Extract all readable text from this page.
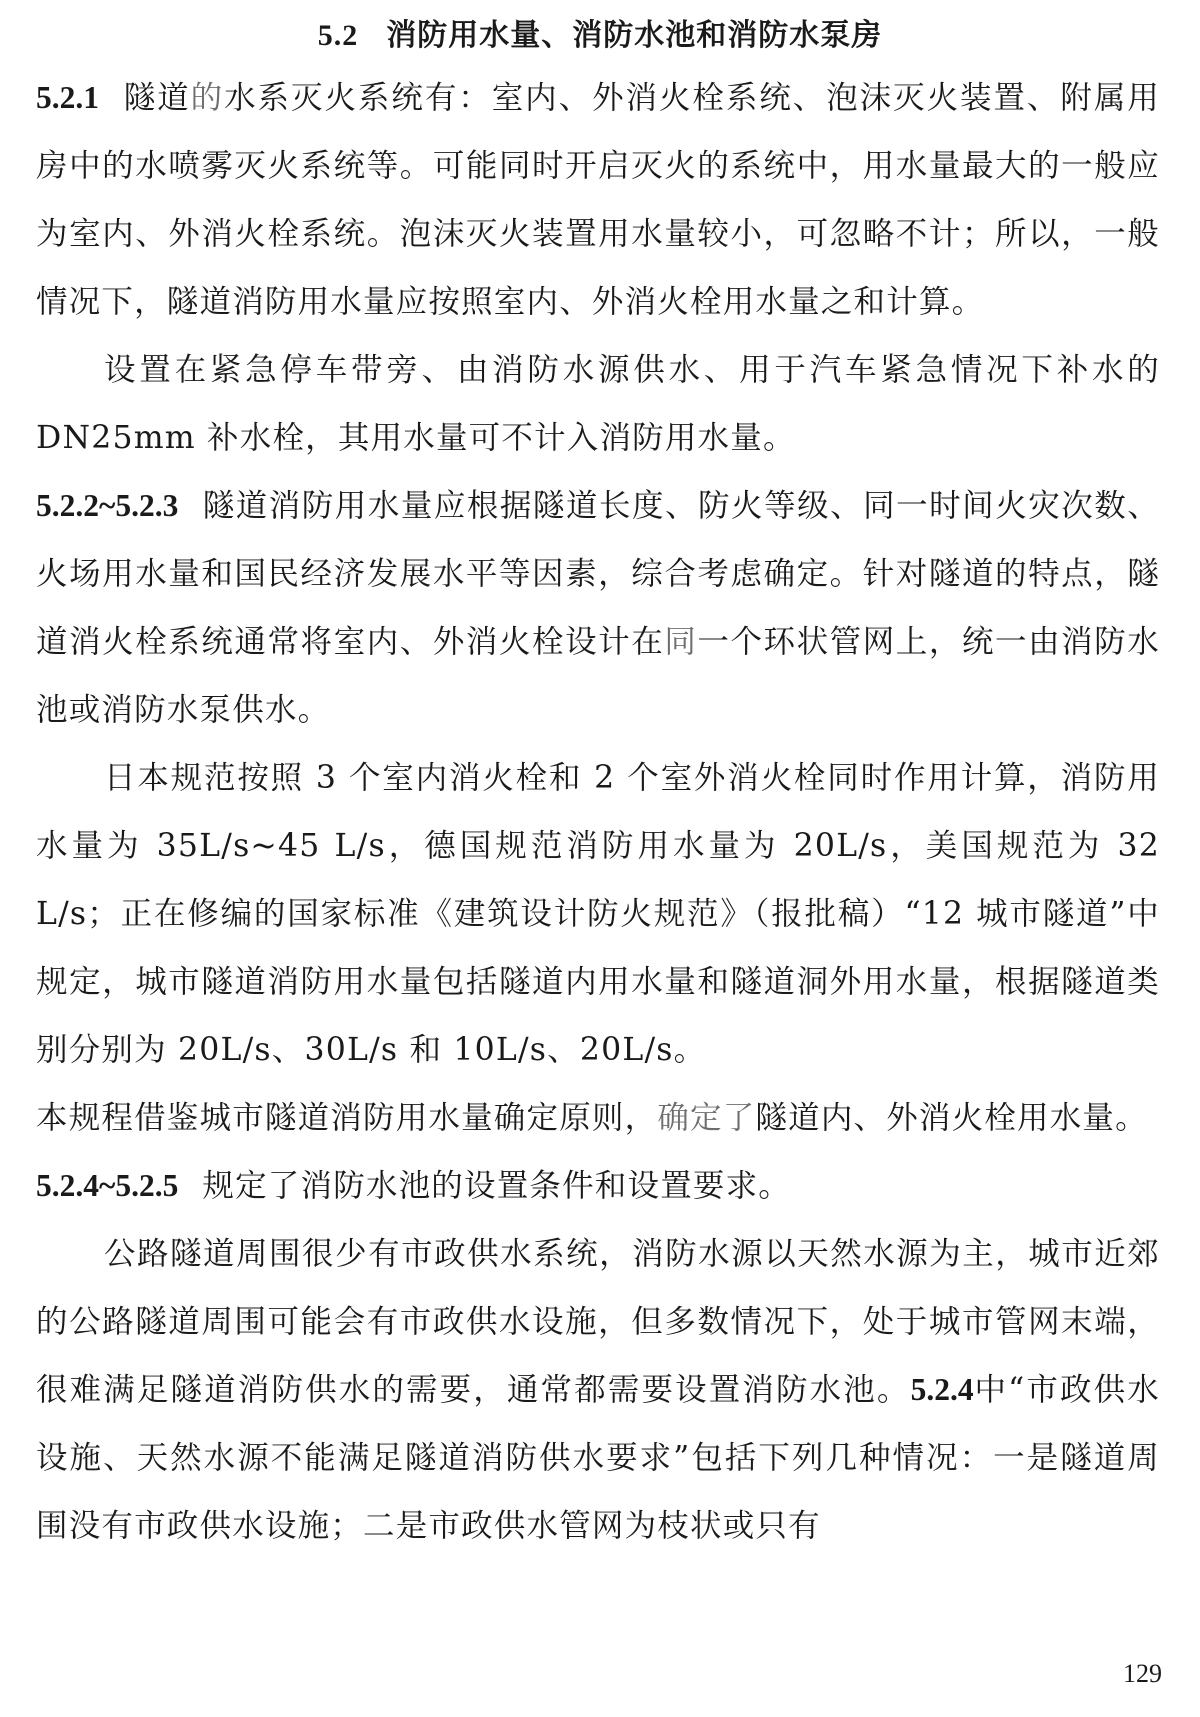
5.2 消防用水量、消防水池和消防水泵房

5.2.1 隧道的水系灭火系统有：室内、外消火栓系统、泡沫灭火装置、附属用房中的水喷雾灭火系统等。可能同时开启灭火的系统中，用水量最大的一般应为室内、外消火栓系统。泡沫灭火装置用水量较小，可忽略不计；所以，一般情况下，隧道消防用水量应按照室内、外消火栓用水量之和计算。

设置在紧急停车带旁、由消防水源供水、用于汽车紧急情况下补水的DN25mm 补水栓，其用水量可不计入消防用水量。

5.2.2~5.2.3 隧道消防用水量应根据隧道长度、防火等级、同一时间火灾次数、火场用水量和国民经济发展水平等因素，综合考虑确定。针对隧道的特点，隧道消火栓系统通常将室内、外消火栓设计在同一个环状管网上，统一由消防水池或消防水泵供水。

日本规范按照 3 个室内消火栓和 2 个室外消火栓同时作用计算，消防用水量为 35L/s~45 L/s，德国规范消防用水量为 20L/s，美国规范为 32 L/s；正在修编的国家标准《建筑设计防火规范》（报批稿）“12 城市隧道”中规定，城市隧道消防用水量包括隧道内用水量和隧道洞外用水量，根据隧道类别分别为 20L/s、30L/s 和 10L/s、20L/s。

本规程借鉴城市隧道消防用水量确定原则，确定了隧道内、外消火栓用水量。

5.2.4~5.2.5 规定了消防水池的设置条件和设置要求。

公路隧道周围很少有市政供水系统，消防水源以天然水源为主，城市近郊的公路隧道周围可能会有市政供水设施，但多数情况下，处于城市管网末端，很难满足隧道消防供水的需要，通常都需要设置消防水池。5.2.4中“市政供水设施、天然水源不能满足隧道消防供水要求”包括下列几种情况：一是隧道周围没有市政供水设施；二是市政供水管网为枝状或只有

129
